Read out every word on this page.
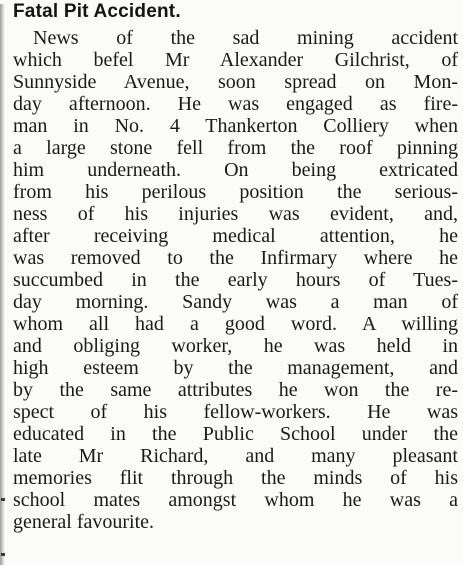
Fatal Pit Accident.
News of the sad mining accident
which befel Mr Alexander Gilchrist, of
Sunnyside Avenue, soon spread on Mon-
day afternoon. He was engaged as fire-
man in No. 4 Thankerton Colliery when
a large stone fell from the roof pinning
him underneath. On being extricated
from his perilous position the serious-
ness of his injuries was evident, and,
after receiving medical attention, he
was removed to the Infirmary where he
succumbed in the early hours of Tues-
day morning. Sandy was a man of
whom all had a good word. A willing
and obliging worker, he was held in
high esteem by the management, and
by the same attributes he won the re-
spect of his fellow-workers. He was
educated in the Public School under the
late Mr Richard, and many pleasant
memories flit through the minds of his
school mates amongst whom he was a
general favourite.
